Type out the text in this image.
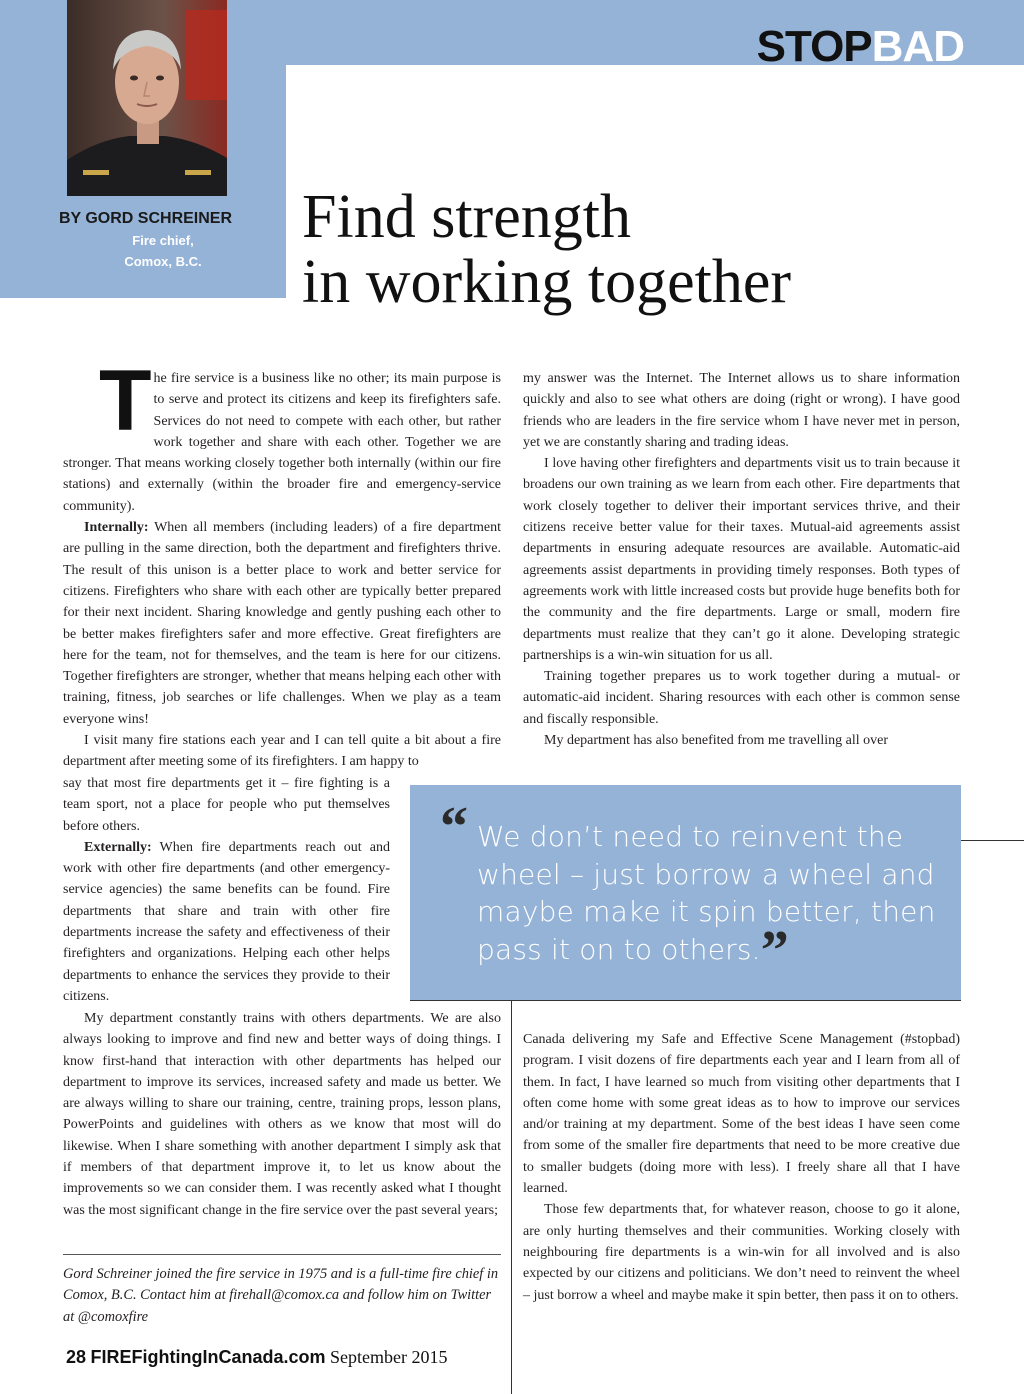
STOPBAD
BY GORD SCHREINER
Fire chief,
Comox, B.C.
Find strength
in working together

The fire service is a business like no other; its main purpose is to serve and protect its citizens and keep its firefighters safe. Services do not need to compete with each other, but rather work together and share with each other. Together we are stronger. That means working closely together both internally (within our fire stations) and externally (within the broader fire and emergency-service community).

Internally: When all members (including leaders) of a fire department are pulling in the same direction, both the department and firefighters thrive. The result of this unison is a better place to work and better service for citizens. Firefighters who share with each other are typically better prepared for their next incident. Sharing knowledge and gently pushing each other to be better makes firefighters safer and more effective. Great firefighters are here for the team, not for themselves, and the team is here for our citizens. Together firefighters are stronger, whether that means helping each other with training, fitness, job searches or life challenges. When we play as a team everyone wins!

I visit many fire stations each year and I can tell quite a bit about a fire department after meeting some of its firefighters. I am happy to

say that most fire departments get it – fire fighting is a team sport, not a place for people who put themselves before others.

Externally: When fire departments reach out and work with other fire departments (and other emergency-service agencies) the same benefits can be found. Fire departments that share and train with other fire departments increase the safety and effectiveness of their firefighters and organizations. Helping each other helps departments to enhance the services they provide to their citizens.

My department constantly trains with others departments. We are also always looking to improve and find new and better ways of doing things. I know first-hand that interaction with other departments has helped our department to improve its services, increased safety and made us better. We are always willing to share our training, centre, training props, lesson plans, PowerPoints and guidelines with others as we know that most will do likewise. When I share something with another department I simply ask that if members of that department improve it, to let us know about the improvements so we can consider them. I was recently asked what I thought was the most significant change in the fire service over the past several years;

my answer was the Internet. The Internet allows us to share information quickly and also to see what others are doing (right or wrong). I have good friends who are leaders in the fire service whom I have never met in person, yet we are constantly sharing and trading ideas.

I love having other firefighters and departments visit us to train because it broadens our own training as we learn from each other. Fire departments that work closely together to deliver their important services thrive, and their citizens receive better value for their taxes. Mutual-aid agreements assist departments in ensuring adequate resources are available. Automatic-aid agreements assist departments in providing timely responses. Both types of agreements work with little increased costs but provide huge benefits both for the community and the fire departments. Large or small, modern fire departments must realize that they can’t go it alone. Developing strategic partnerships is a win-win situation for us all.

Training together prepares us to work together during a mutual- or automatic-aid incident. Sharing resources with each other is common sense and fiscally responsible.

My department has also benefited from me travelling all over

“ We don’t need to reinvent the wheel – just borrow a wheel and maybe make it spin better, then pass it on to others.”

Canada delivering my Safe and Effective Scene Management (#stopbad) program. I visit dozens of fire departments each year and I learn from all of them. In fact, I have learned so much from visiting other departments that I often come home with some great ideas as to how to improve our services and/or training at my department. Some of the best ideas I have seen come from some of the smaller fire departments that need to be more creative due to smaller budgets (doing more with less). I freely share all that I have learned.

Those few departments that, for whatever reason, choose to go it alone, are only hurting themselves and their communities. Working closely with neighbouring fire departments is a win-win for all involved and is also expected by our citizens and politicians. We don’t need to reinvent the wheel – just borrow a wheel and maybe make it spin better, then pass it on to others.

Gord Schreiner joined the fire service in 1975 and is a full-time fire chief in Comox, B.C. Contact him at firehall@comox.ca and follow him on Twitter at @comoxfire
28 FIREFightingInCanada.com September 2015
